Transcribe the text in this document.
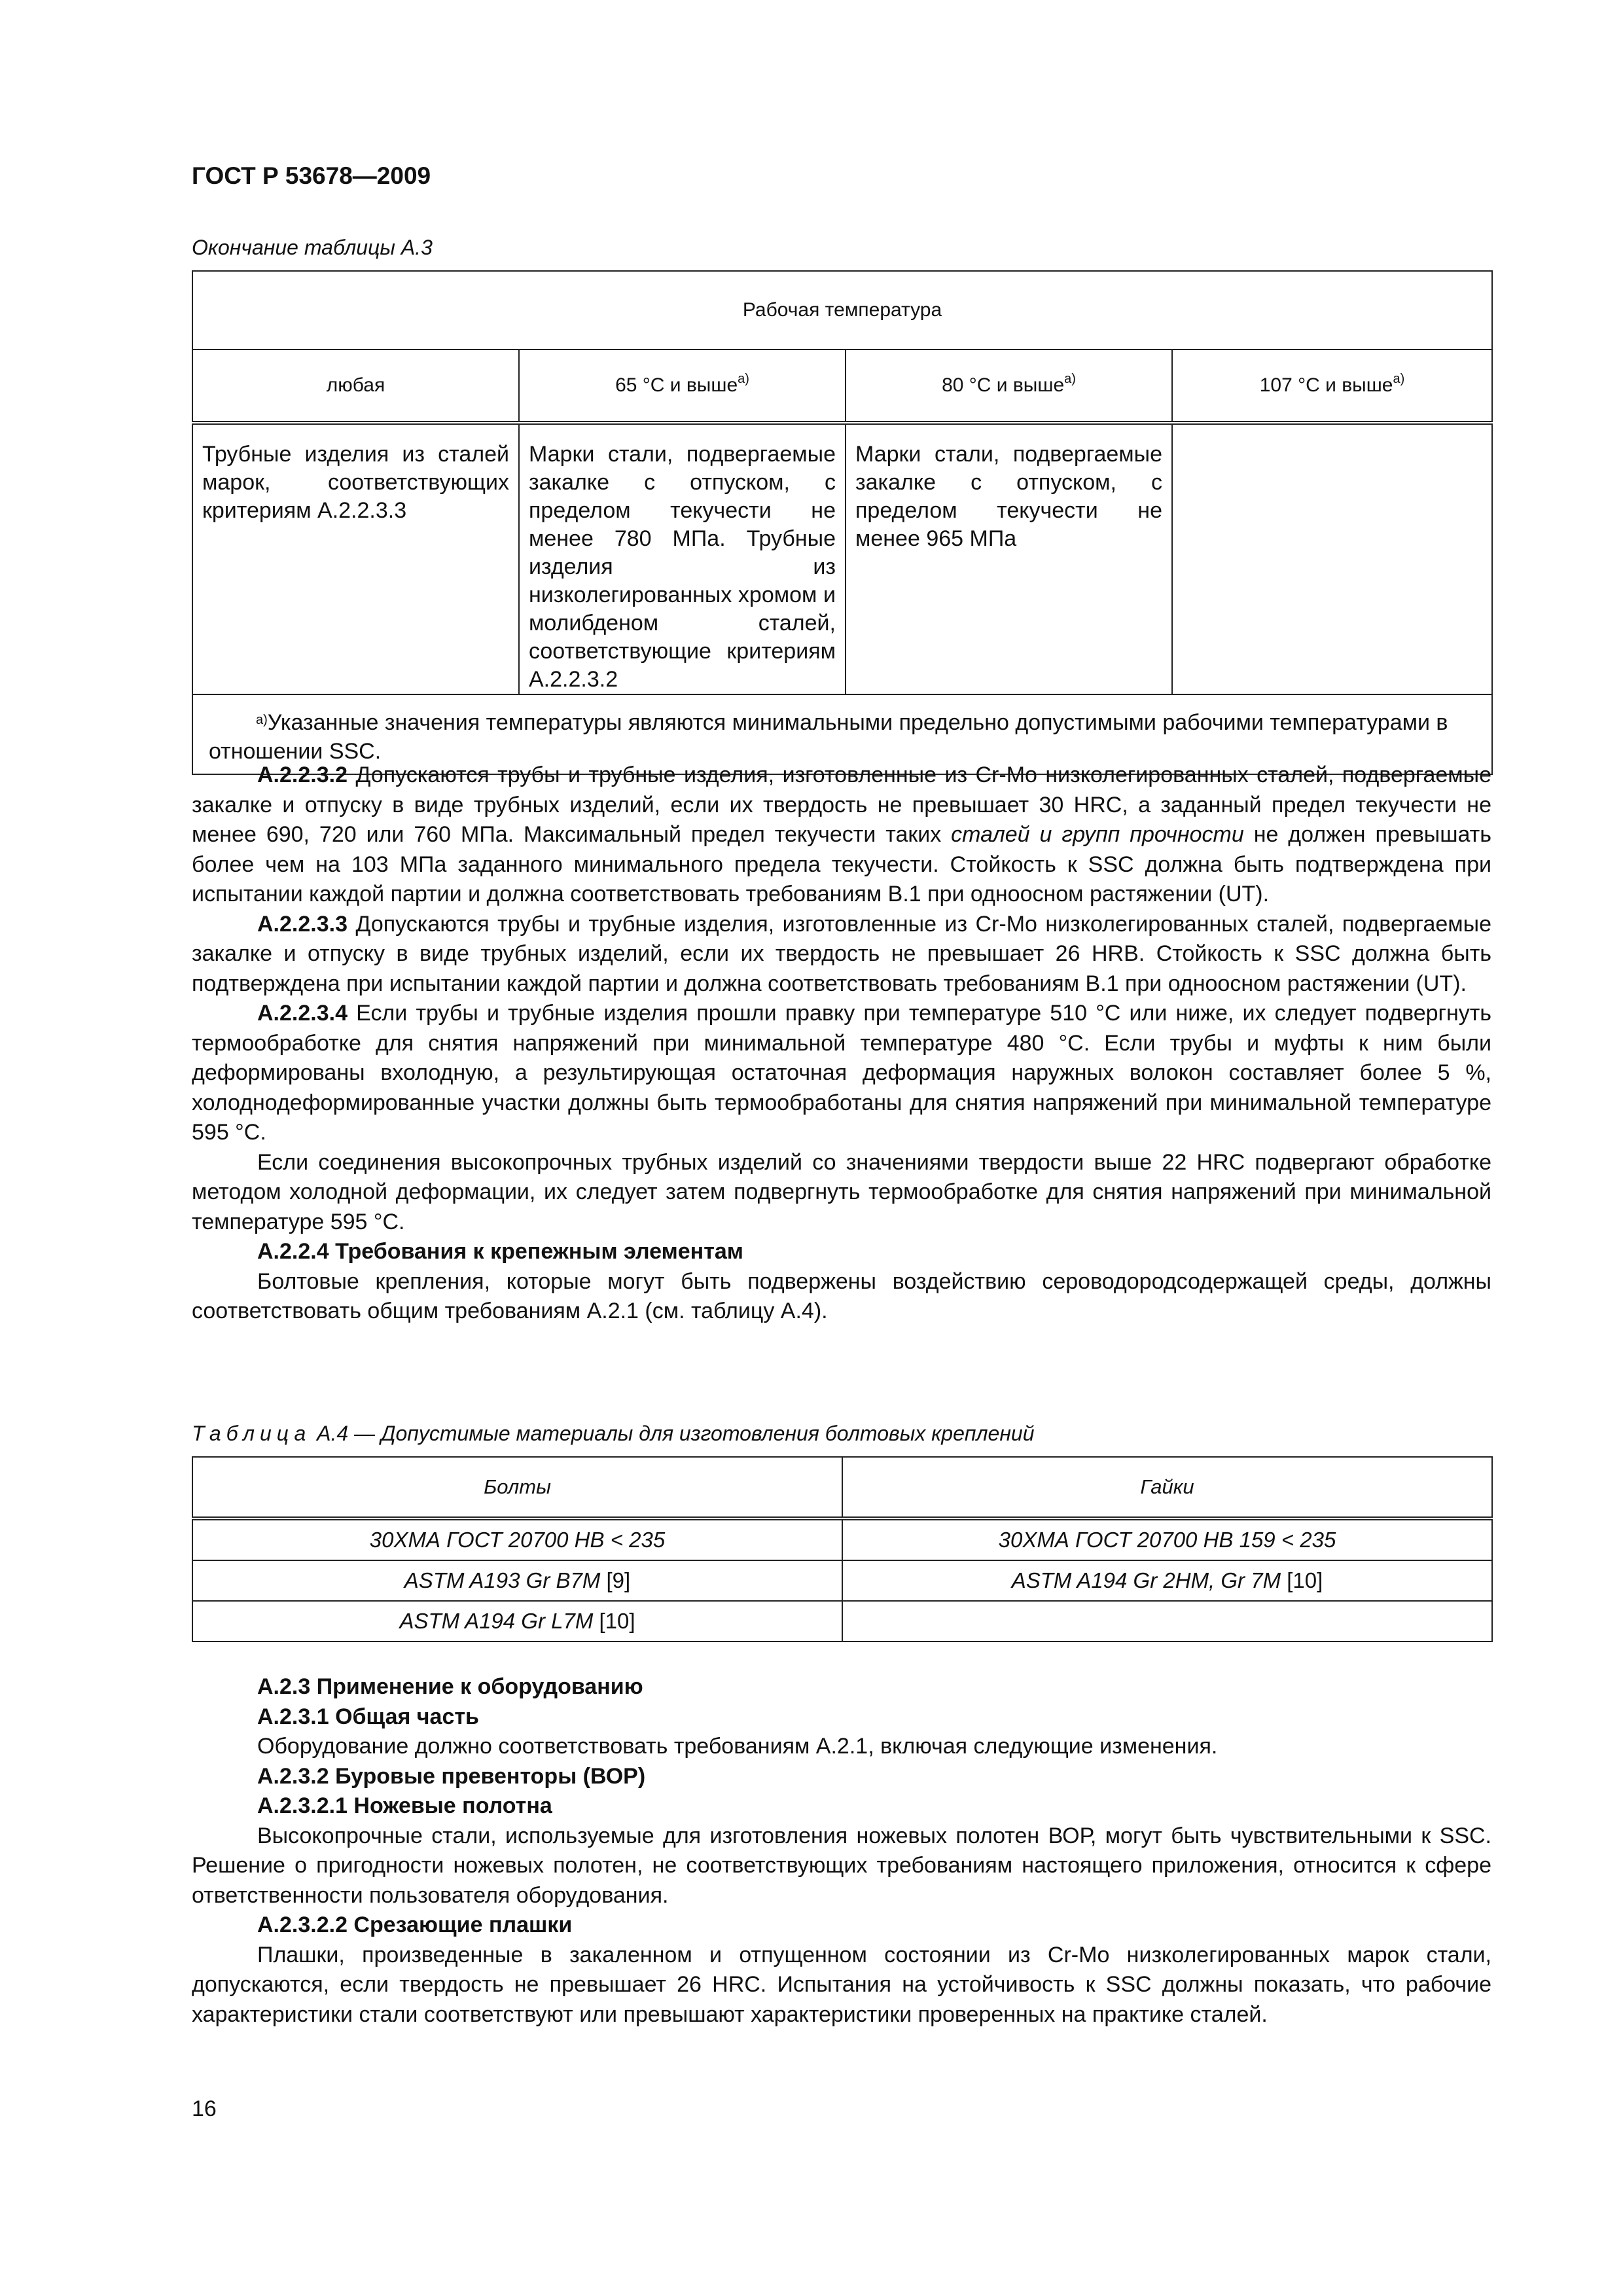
ГОСТ Р 53678—2009
Окончание таблицы А.3
Рабочая температура			
любая	65 °С и выше$^{а)}$	80 °С и выше$^{а)}$	107 °С и выше$^{а)}$
Трубные изделия из сталей марок, соответствующих критериям А.2.2.3.3	Марки стали, подвергаемые закалке с отпуском, с пределом текучести не менее 780 МПа. Трубные изделия из низколегированных хромом и молибденом сталей, соответствующие критериям А.2.2.3.2	Марки стали, подвергаемые закалке с отпуском, с пределом текучести не менее 965 МПа	
$^{а)}$Указанные значения температуры являются минимальными предельно допустимыми рабочими температурами в отношении SSC.			

А.2.2.3.2 Допускаются трубы и трубные изделия, изготовленные из Cr-Mo низколегированных сталей, подвергаемые закалке и отпуску в виде трубных изделий, если их твердость не превышает 30 HRC, а заданный предел текучести не менее 690, 720 или 760 МПа. Максимальный предел текучести таких сталей и групп прочности не должен превышать более чем на 103 МПа заданного минимального предела текучести. Стойкость к SSC должна быть подтверждена при испытании каждой партии и должна соответствовать требованиям В.1 при одноосном растяжении (UT).

А.2.2.3.3 Допускаются трубы и трубные изделия, изготовленные из Cr-Mo низколегированных сталей, подвергаемые закалке и отпуску в виде трубных изделий, если их твердость не превышает 26 HRB. Стойкость к SSC должна быть подтверждена при испытании каждой партии и должна соответствовать требованиям В.1 при одноосном растяжении (UT).

А.2.2.3.4 Если трубы и трубные изделия прошли правку при температуре 510 °С или ниже, их следует подвергнуть термообработке для снятия напряжений при минимальной температуре 480 °С. Если трубы и муфты к ним были деформированы вхолодную, а результирующая остаточная деформация наружных волокон составляет более 5 %, холоднодеформированные участки должны быть термообработаны для снятия напряжений при минимальной температуре 595 °С.

Если соединения высокопрочных трубных изделий со значениями твердости выше 22 HRC подвергают обработке методом холодной деформации, их следует затем подвергнуть термообработке для снятия напряжений при минимальной температуре 595 °С.

А.2.2.4 Требования к крепежным элементам

Болтовые крепления, которые могут быть подвержены воздействию сероводородсодержащей среды, должны соответствовать общим требованиям А.2.1 (см. таблицу А.4).

Таблица А.4 — Допустимые материалы для изготовления болтовых креплений
Болты	Гайки
30ХМА ГОСТ 20700 НВ < 235	30ХМА ГОСТ 20700 НВ 159 < 235
ASTM A193 Gr B7M [9]	ASTM A194 Gr 2HM, Gr 7M [10]
ASTM A194 Gr L7M [10]	

А.2.3 Применение к оборудованию

А.2.3.1 Общая часть

Оборудование должно соответствовать требованиям А.2.1, включая следующие изменения.

А.2.3.2 Буровые превенторы (ВОР)

А.2.3.2.1 Ножевые полотна

Высокопрочные стали, используемые для изготовления ножевых полотен ВОР, могут быть чувствительными к SSC. Решение о пригодности ножевых полотен, не соответствующих требованиям настоящего приложения, относится к сфере ответственности пользователя оборудования.

А.2.3.2.2 Срезающие плашки

Плашки, произведенные в закаленном и отпущенном состоянии из Cr-Mo низколегированных марок стали, допускаются, если твердость не превышает 26 HRC. Испытания на устойчивость к SSC должны показать, что рабочие характеристики стали соответствуют или превышают характеристики проверенных на практике сталей.

16
